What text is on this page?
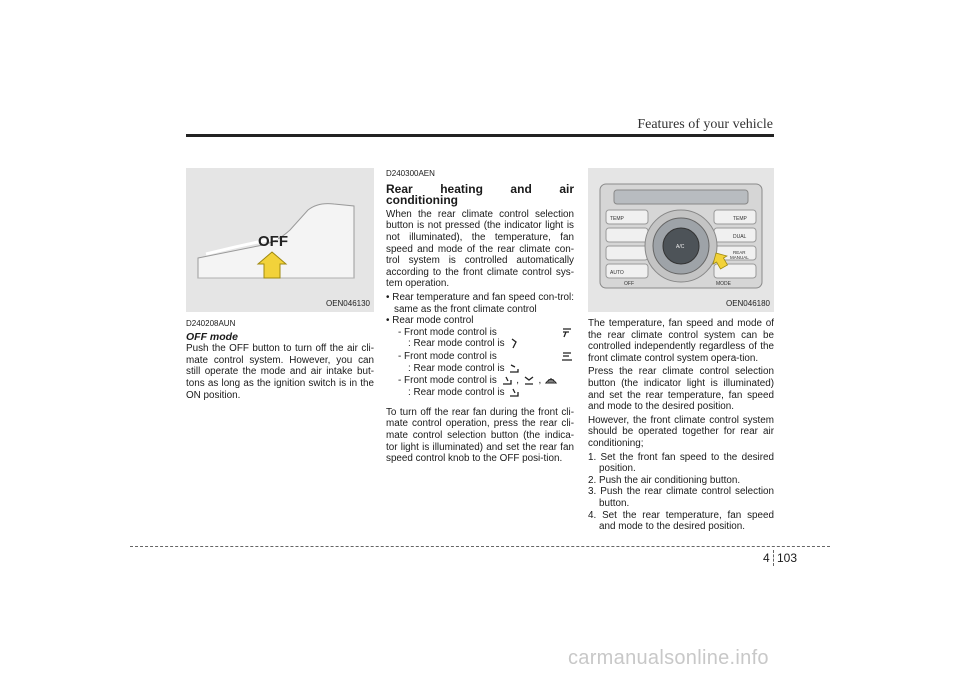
Features of your vehicle
OFF
OEN046130
D240208AUN
OFF mode

Push the OFF button to turn off the air cli-mate control system. However, you can still operate the mode and air intake but-tons as long as the ignition switch is in the ON position.

D240300AEN
Rear heating and air conditioning

When the rear climate control selection button is not pressed (the indicator light is not illuminated), the temperature, fan speed and mode of the rear climate con-trol system is controlled automatically according to the front climate control sys-tem operation.

• Rear temperature and fan speed con-trol: same as the front climate control

• Rear mode control

- Front mode control is
: Rear mode control is
- Front mode control is
: Rear mode control is
- Front mode control is , ,
: Rear mode control is

To turn off the rear fan during the front cli-mate control operation, press the rear cli-mate control selection button (the indica-tor light is illuminated) and set the rear fan speed control knob to the OFF posi-tion.

TEMP	TEMP
AUTO
OFF	MODE
DUAL
REAR
MANUAL
A/C
OEN046180

The temperature, fan speed and mode of the rear climate control system can be controlled independently regardless of the front climate control system opera-tion.

Press the rear climate control selection button (the indicator light is illuminated) and set the rear temperature, fan speed and mode to the desired position.

However, the front climate control system should be operated together for rear air conditioning;

1. Set the front fan speed to the desired position.

2. Push the air conditioning button.

3. Push the rear climate control selection button.

4. Set the rear temperature, fan speed and mode to the desired position.

4 103
carmanualsonline.info
